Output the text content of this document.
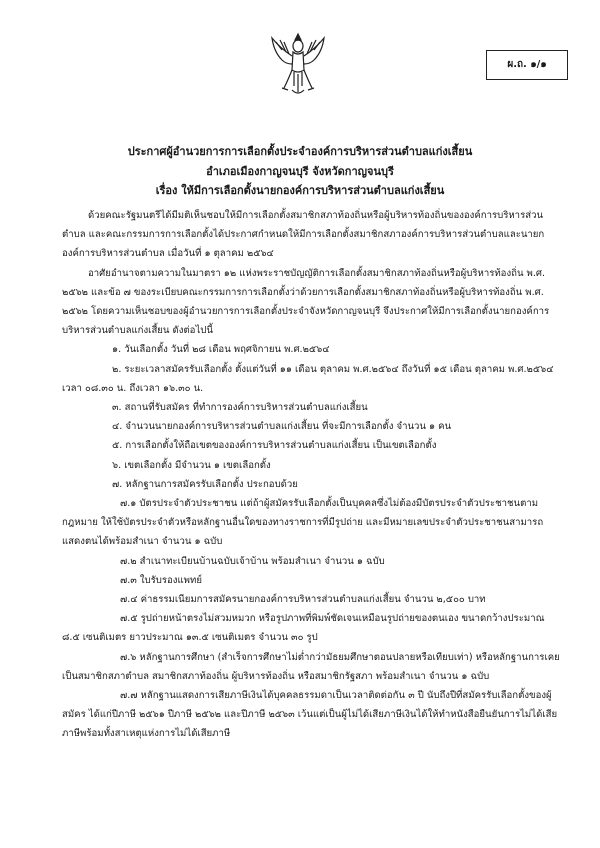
ผ.ถ. ๑/๑
ประกาศผู้อำนวยการการเลือกตั้งประจำองค์การบริหารส่วนตำบลแก่งเสี้ยน
อำเภอเมืองกาญจนบุรี จังหวัดกาญจนบุรี
เรื่อง ให้มีการเลือกตั้งนายกองค์การบริหารส่วนตำบลแก่งเสี้ยน

ด้วยคณะรัฐมนตรีได้มีมติเห็นชอบให้มีการเลือกตั้งสมาชิกสภาท้องถิ่นหรือผู้บริหารท้องถิ่นขององค์การบริหารส่วนตำบล และคณะกรรมการการเลือกตั้งได้ประกาศกำหนดให้มีการเลือกตั้งสมาชิกสภาองค์การบริหารส่วนตำบลและนายกองค์การบริหารส่วนตำบล เมื่อวันที่ ๑ ตุลาคม ๒๕๖๔

อาศัยอำนาจตามความในมาตรา ๑๒ แห่งพระราชบัญญัติการเลือกตั้งสมาชิกสภาท้องถิ่นหรือผู้บริหารท้องถิ่น พ.ศ. ๒๕๖๒ และข้อ ๗ ของระเบียบคณะกรรมการการเลือกตั้งว่าด้วยการเลือกตั้งสมาชิกสภาท้องถิ่นหรือผู้บริหารท้องถิ่น พ.ศ. ๒๕๖๒ โดยความเห็นชอบของผู้อำนวยการการเลือกตั้งประจำจังหวัดกาญจนบุรี จึงประกาศให้มีการเลือกตั้งนายกองค์การบริหารส่วนตำบลแก่งเสี้ยน ดังต่อไปนี้

๑. วันเลือกตั้ง วันที่ ๒๘ เดือน พฤศจิกายน พ.ศ.๒๕๖๔

๒. ระยะเวลาสมัครรับเลือกตั้ง ตั้งแต่วันที่ ๑๑ เดือน ตุลาคม พ.ศ.๒๕๖๔ ถึงวันที่ ๑๕ เดือน ตุลาคม พ.ศ.๒๕๖๔ เวลา ๐๘.๓๐ น. ถึงเวลา ๑๖.๓๐ น.

๓. สถานที่รับสมัคร ที่ทำการองค์การบริหารส่วนตำบลแก่งเสี้ยน

๔. จำนวนนายกองค์การบริหารส่วนตำบลแก่งเสี้ยน ที่จะมีการเลือกตั้ง จำนวน ๑ คน

๕. การเลือกตั้งให้ถือเขตขององค์การบริหารส่วนตำบลแก่งเสี้ยน เป็นเขตเลือกตั้ง

๖. เขตเลือกตั้ง มีจำนวน ๑ เขตเลือกตั้ง

๗. หลักฐานการสมัครรับเลือกตั้ง ประกอบด้วย

๗.๑ บัตรประจำตัวประชาชน แต่ถ้าผู้สมัครรับเลือกตั้งเป็นบุคคลซึ่งไม่ต้องมีบัตรประจำตัวประชาชนตามกฎหมาย ให้ใช้บัตรประจำตัวหรือหลักฐานอื่นใดของทางราชการที่มีรูปถ่าย และมีหมายเลขประจำตัวประชาชนสามารถแสดงตนได้พร้อมสำเนา จำนวน ๑ ฉบับ

๗.๒ สำเนาทะเบียนบ้านฉบับเจ้าบ้าน พร้อมสำเนา จำนวน ๑ ฉบับ

๗.๓ ใบรับรองแพทย์

๗.๔ ค่าธรรมเนียมการสมัครนายกองค์การบริหารส่วนตำบลแก่งเสี้ยน จำนวน ๒,๕๐๐ บาท

๗.๕ รูปถ่ายหน้าตรงไม่สวมหมวก หรือรูปภาพที่พิมพ์ชัดเจนเหมือนรูปถ่ายของตนเอง ขนาดกว้างประมาณ ๘.๕ เซนติเมตร ยาวประมาณ ๑๓.๕ เซนติเมตร จำนวน ๓๐ รูป

๗.๖ หลักฐานการศึกษา (สำเร็จการศึกษาไม่ต่ำกว่ามัธยมศึกษาตอนปลายหรือเทียบเท่า) หรือหลักฐานการเคยเป็นสมาชิกสภาตำบล สมาชิกสภาท้องถิ่น ผู้บริหารท้องถิ่น หรือสมาชิกรัฐสภา พร้อมสำเนา จำนวน ๑ ฉบับ

๗.๗ หลักฐานแสดงการเสียภาษีเงินได้บุคคลธรรมดาเป็นเวลาติดต่อกัน ๓ ปี นับถึงปีที่สมัครรับเลือกตั้งของผู้สมัคร ได้แก่ปีภาษี ๒๕๖๑ ปีภาษี ๒๕๖๒ และปีภาษี ๒๕๖๓ เว้นแต่เป็นผู้ไม่ได้เสียภาษีเงินได้ให้ทำหนังสือยืนยันการไม่ได้เสียภาษีพร้อมทั้งสาเหตุแห่งการไม่ได้เสียภาษี
